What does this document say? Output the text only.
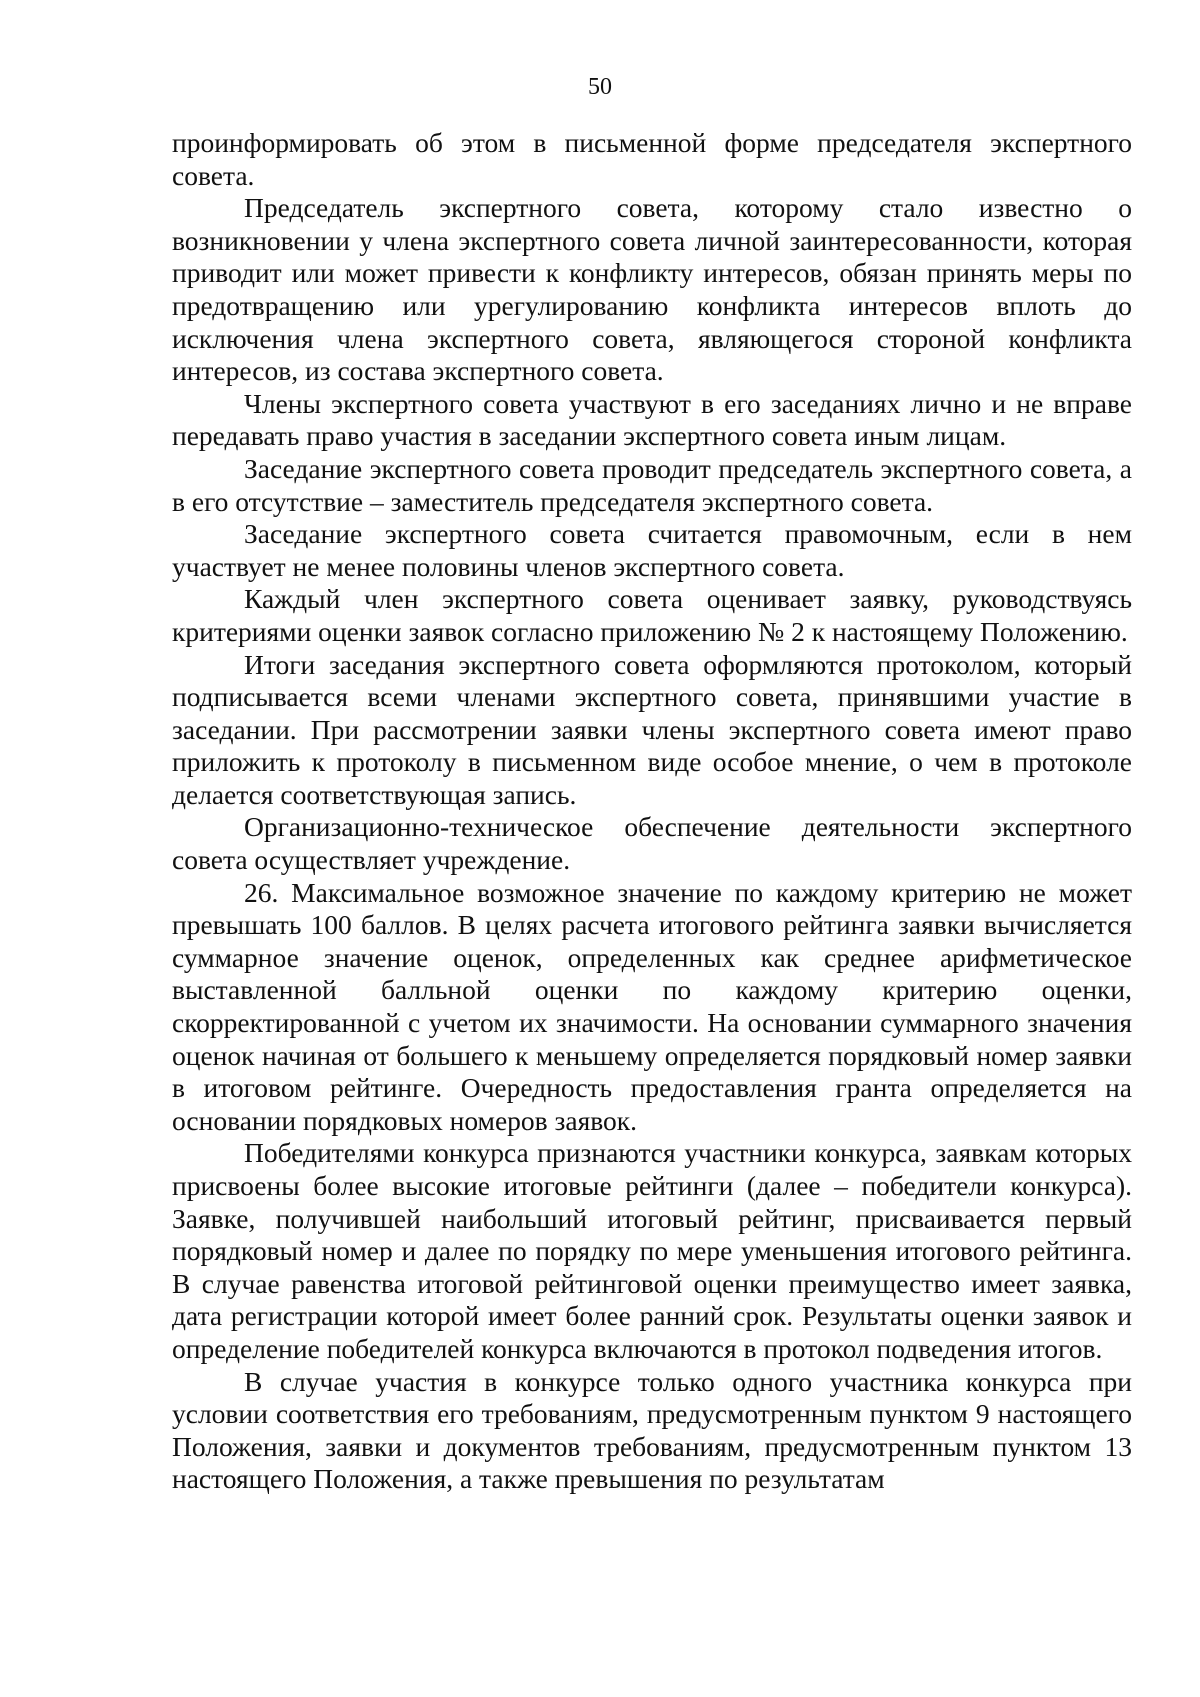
50

проинформировать об этом в письменной форме председателя экспертного совета.

Председатель экспертного совета, которому стало известно о возникновении у члена экспертного совета личной заинтересованности, которая приводит или может привести к конфликту интересов, обязан принять меры по предотвращению или урегулированию конфликта интересов вплоть до исключения члена экспертного совета, являющегося стороной конфликта интересов, из состава экспертного совета.

Члены экспертного совета участвуют в его заседаниях лично и не вправе передавать право участия в заседании экспертного совета иным лицам.

Заседание экспертного совета проводит председатель экспертного совета, а в его отсутствие – заместитель председателя экспертного совета.

Заседание экспертного совета считается правомочным, если в нем участвует не менее половины членов экспертного совета.

Каждый член экспертного совета оценивает заявку, руководствуясь критериями оценки заявок согласно приложению № 2 к настоящему Положению.

Итоги заседания экспертного совета оформляются протоколом, который подписывается всеми членами экспертного совета, принявшими участие в заседании. При рассмотрении заявки члены экспертного совета имеют право приложить к протоколу в письменном виде особое мнение, о чем в протоколе делается соответствующая запись.

Организационно-техническое обеспечение деятельности экспертного совета осуществляет учреждение.

26. Максимальное возможное значение по каждому критерию не может превышать 100 баллов. В целях расчета итогового рейтинга заявки вычисляется суммарное значение оценок, определенных как среднее арифметическое выставленной балльной оценки по каждому критерию оценки, скорректированной с учетом их значимости. На основании суммарного значения оценок начиная от большего к меньшему определяется порядковый номер заявки в итоговом рейтинге. Очередность предоставления гранта определяется на основании порядковых номеров заявок.

Победителями конкурса признаются участники конкурса, заявкам которых присвоены более высокие итоговые рейтинги (далее – победители конкурса). Заявке, получившей наибольший итоговый рейтинг, присваивается первый порядковый номер и далее по порядку по мере уменьшения итогового рейтинга. В случае равенства итоговой рейтинговой оценки преимущество имеет заявка, дата регистрации которой имеет более ранний срок. Результаты оценки заявок и определение победителей конкурса включаются в протокол подведения итогов.

В случае участия в конкурсе только одного участника конкурса при условии соответствия его требованиям, предусмотренным пунктом 9 настоящего Положения, заявки и документов требованиям, предусмотренным пунктом 13 настоящего Положения, а также превышения по результатам
